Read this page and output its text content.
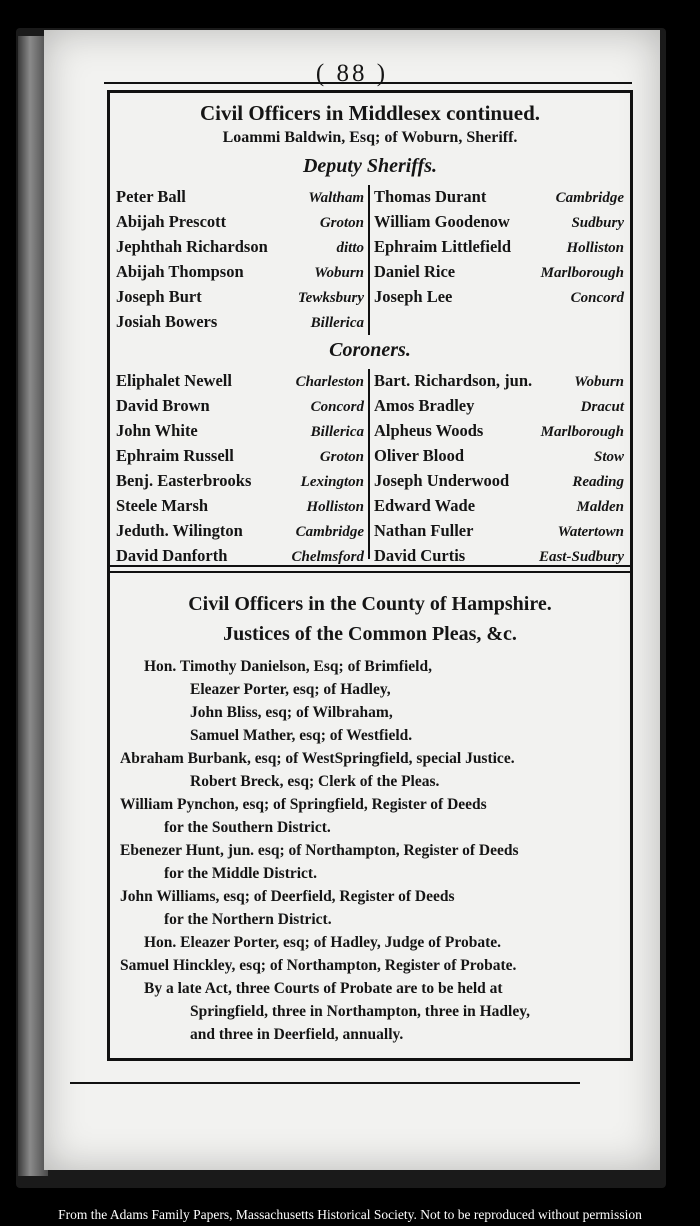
( 88 )
Civil Officers in Middlesex continued.
Loammi Baldwin, Esq; of Woburn, Sheriff.
Deputy Sheriffs.
Peter Ball	Waltham
Abijah Prescott	Groton
Jephthah Richardson	ditto
Abijah Thompson	Woburn
Joseph Burt	Tewksbury
Josiah Bowers	Billerica
Thomas Durant	Cambridge
William Goodenow	Sudbury
Ephraim Littlefield	Holliston
Daniel Rice	Marlborough
Joseph Lee	Concord
Coroners.
Eliphalet Newell	Charleston
David Brown	Concord
John White	Billerica
Ephraim Russell	Groton
Benj. Easterbrooks	Lexington
Steele Marsh	Holliston
Jeduth. Wilington	Cambridge
David Danforth	Chelmsford
Bart. Richardson, jun.	Woburn
Amos Bradley	Dracut
Alpheus Woods	Marlborough
Oliver Blood	Stow
Joseph Underwood	Reading
Edward Wade	Malden
Nathan Fuller	Watertown
David Curtis	East-Sudbury
Civil Officers in the County of Hampshire.
Justices of the Common Pleas, &c.
Hon. Timothy Danielson, Esq; of Brimfield,
Eleazer Porter, esq; of Hadley,
John Bliss, esq; of Wilbraham,
Samuel Mather, esq; of Westfield.
Abraham Burbank, esq; of WestSpringfield, special Justice.
Robert Breck, esq; Clerk of the Pleas.
William Pynchon, esq; of Springfield, Register of Deeds
for the Southern District.
Ebenezer Hunt, jun. esq; of Northampton, Register of Deeds
for the Middle District.
John Williams, esq; of Deerfield, Register of Deeds
for the Northern District.
Hon. Eleazer Porter, esq; of Hadley, Judge of Probate.
Samuel Hinckley, esq; of Northampton, Register of Probate.
By a late Act, three Courts of Probate are to be held at
Springfield, three in Northampton, three in Hadley,
and three in Deerfield, annually.
From the Adams Family Papers, Massachusetts Historical Society. Not to be reproduced without permission
